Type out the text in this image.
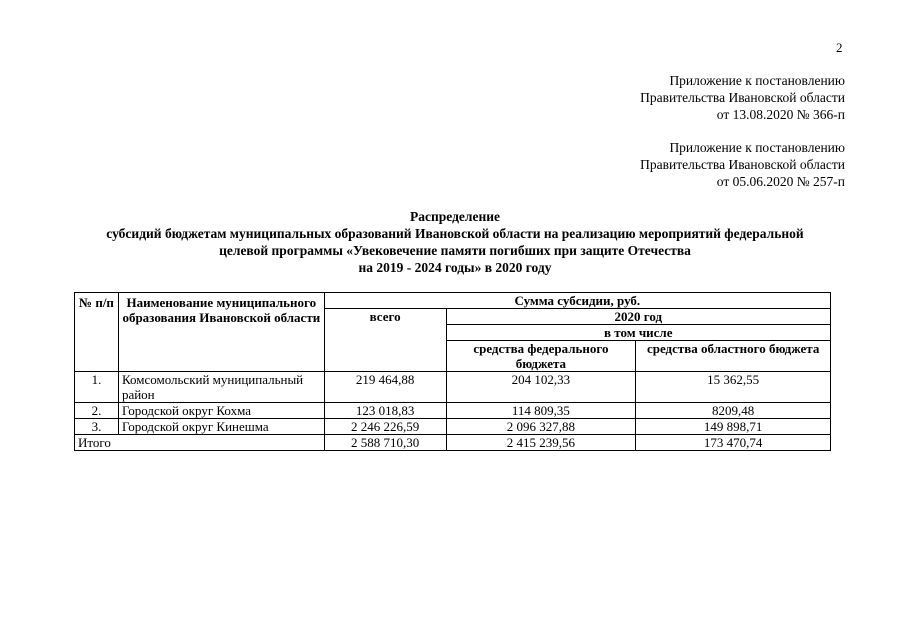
2
Приложение к постановлению
Правительства Ивановской области
от 13.08.2020 № 366-п
Приложение к постановлению
Правительства Ивановской области
от 05.06.2020 № 257-п
Распределение
субсидий бюджетам муниципальных образований Ивановской области на реализацию мероприятий федеральной
целевой программы «Увековечение памяти погибших при защите Отечества
на 2019 - 2024 годы» в 2020 году
№ п/п	Наименование муниципального образования Ивановской области	Сумма субсидии, руб.		
		всего	2020 год	
			в том числе	
			средства федерального бюджета	средства областного бюджета
1.	Комсомольский муниципальный район	219 464,88	204 102,33	15 362,55
2.	Городской округ Кохма	123 018,83	114 809,35	8209,48
3.	Городской округ Кинешма	2 246 226,59	2 096 327,88	149 898,71
Итого		2 588 710,30	2 415 239,56	173 470,74
